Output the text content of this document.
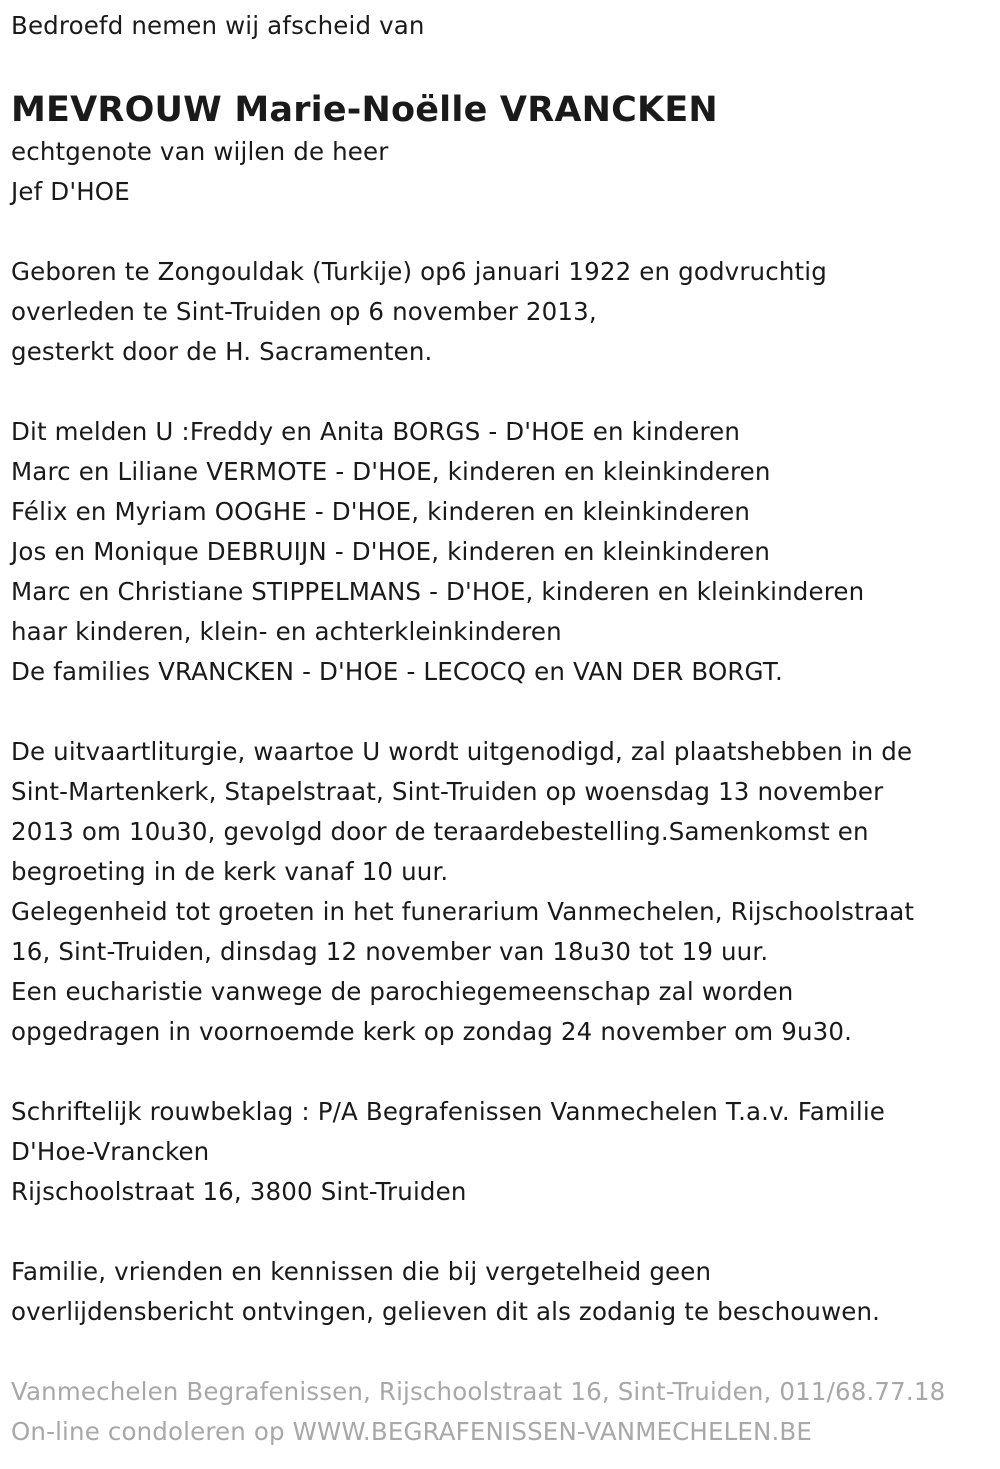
Bedroefd nemen wij afscheid van
MEVROUW Marie-Noëlle VRANCKEN
echtgenote van wijlen de heer
Jef D'HOE
Geboren te Zongouldak (Turkije) op6 januari 1922 en godvruchtig
overleden te Sint-Truiden op 6 november 2013,
gesterkt door de H. Sacramenten.
Dit melden U :Freddy en Anita BORGS - D'HOE en kinderen
Marc en Liliane VERMOTE - D'HOE, kinderen en kleinkinderen
Félix en Myriam OOGHE - D'HOE, kinderen en kleinkinderen
Jos en Monique DEBRUIJN - D'HOE, kinderen en kleinkinderen
Marc en Christiane STIPPELMANS - D'HOE, kinderen en kleinkinderen
haar kinderen, klein- en achterkleinkinderen
De families VRANCKEN - D'HOE - LECOCQ en VAN DER BORGT.
De uitvaartliturgie, waartoe U wordt uitgenodigd, zal plaatshebben in de
Sint-Martenkerk, Stapelstraat, Sint-Truiden op woensdag 13 november
2013 om 10u30, gevolgd door de teraardebestelling.Samenkomst en
begroeting in de kerk vanaf 10 uur.
Gelegenheid tot groeten in het funerarium Vanmechelen, Rijschoolstraat
16, Sint-Truiden, dinsdag 12 november van 18u30 tot 19 uur.
Een eucharistie vanwege de parochiegemeenschap zal worden
opgedragen in voornoemde kerk op zondag 24 november om 9u30.
Schriftelijk rouwbeklag : P/A Begrafenissen Vanmechelen T.a.v. Familie
D'Hoe-Vrancken
Rijschoolstraat 16, 3800 Sint-Truiden
Familie, vrienden en kennissen die bij vergetelheid geen
overlijdensbericht ontvingen, gelieven dit als zodanig te beschouwen.
Vanmechelen Begrafenissen, Rijschoolstraat 16, Sint-Truiden, 011/68.77.18
On-line condoleren op WWW.BEGRAFENISSEN-VANMECHELEN.BE
